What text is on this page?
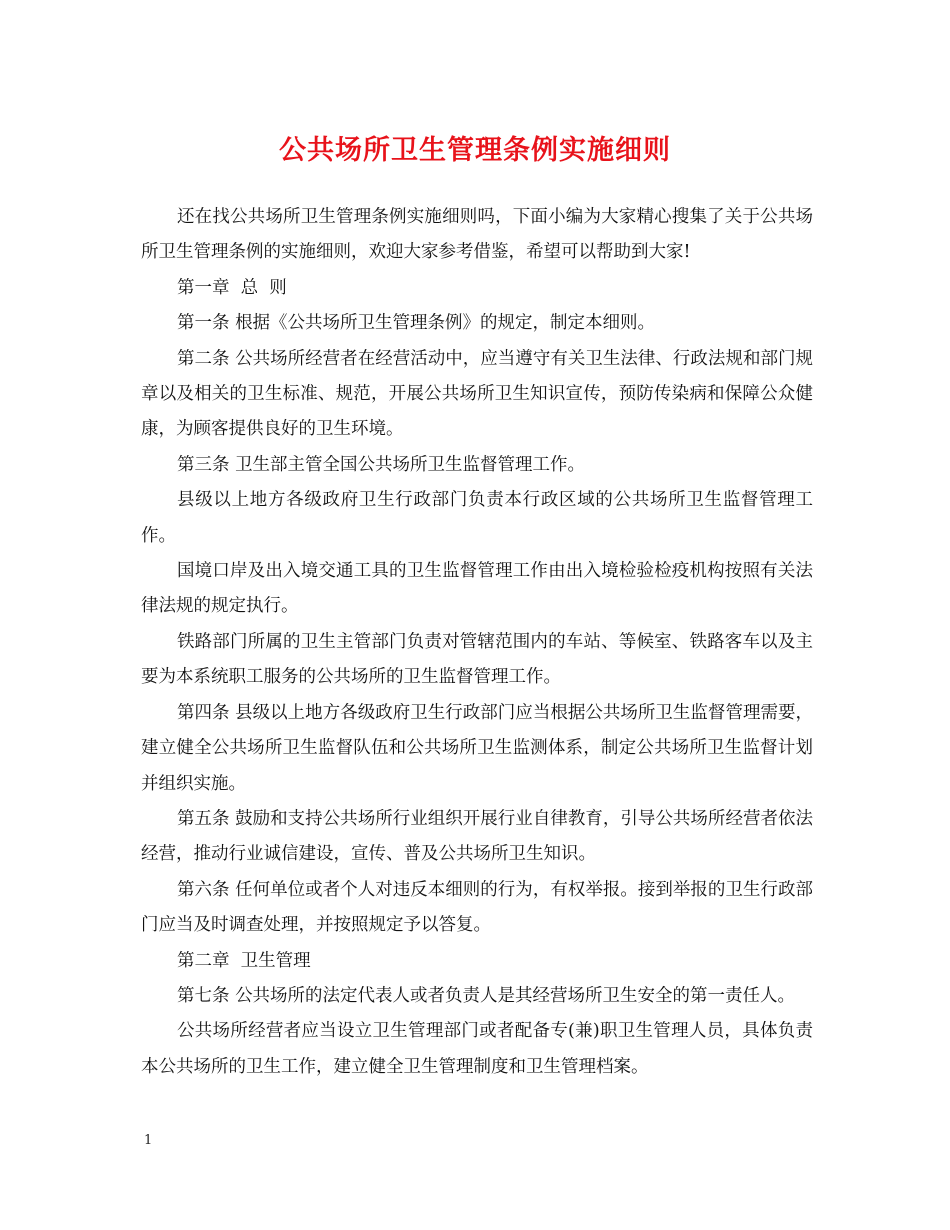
公共场所卫生管理条例实施细则

还在找公共场所卫生管理条例实施细则吗，下面小编为大家精心搜集了关于公共场所卫生管理条例的实施细则，欢迎大家参考借鉴，希望可以帮助到大家!

第一章  总  则

第一条 根据《公共场所卫生管理条例》的规定，制定本细则。

第二条 公共场所经营者在经营活动中，应当遵守有关卫生法律、行政法规和部门规章以及相关的卫生标准、规范，开展公共场所卫生知识宣传，预防传染病和保障公众健康，为顾客提供良好的卫生环境。

第三条 卫生部主管全国公共场所卫生监督管理工作。

县级以上地方各级政府卫生行政部门负责本行政区域的公共场所卫生监督管理工作。

国境口岸及出入境交通工具的卫生监督管理工作由出入境检验检疫机构按照有关法律法规的规定执行。

铁路部门所属的卫生主管部门负责对管辖范围内的车站、等候室、铁路客车以及主要为本系统职工服务的公共场所的卫生监督管理工作。

第四条 县级以上地方各级政府卫生行政部门应当根据公共场所卫生监督管理需要，建立健全公共场所卫生监督队伍和公共场所卫生监测体系，制定公共场所卫生监督计划并组织实施。

第五条 鼓励和支持公共场所行业组织开展行业自律教育，引导公共场所经营者依法经营，推动行业诚信建设，宣传、普及公共场所卫生知识。

第六条 任何单位或者个人对违反本细则的行为，有权举报。接到举报的卫生行政部门应当及时调查处理，并按照规定予以答复。

第二章  卫生管理

第七条 公共场所的法定代表人或者负责人是其经营场所卫生安全的第一责任人。

公共场所经营者应当设立卫生管理部门或者配备专(兼)职卫生管理人员，具体负责本公共场所的卫生工作，建立健全卫生管理制度和卫生管理档案。

1
